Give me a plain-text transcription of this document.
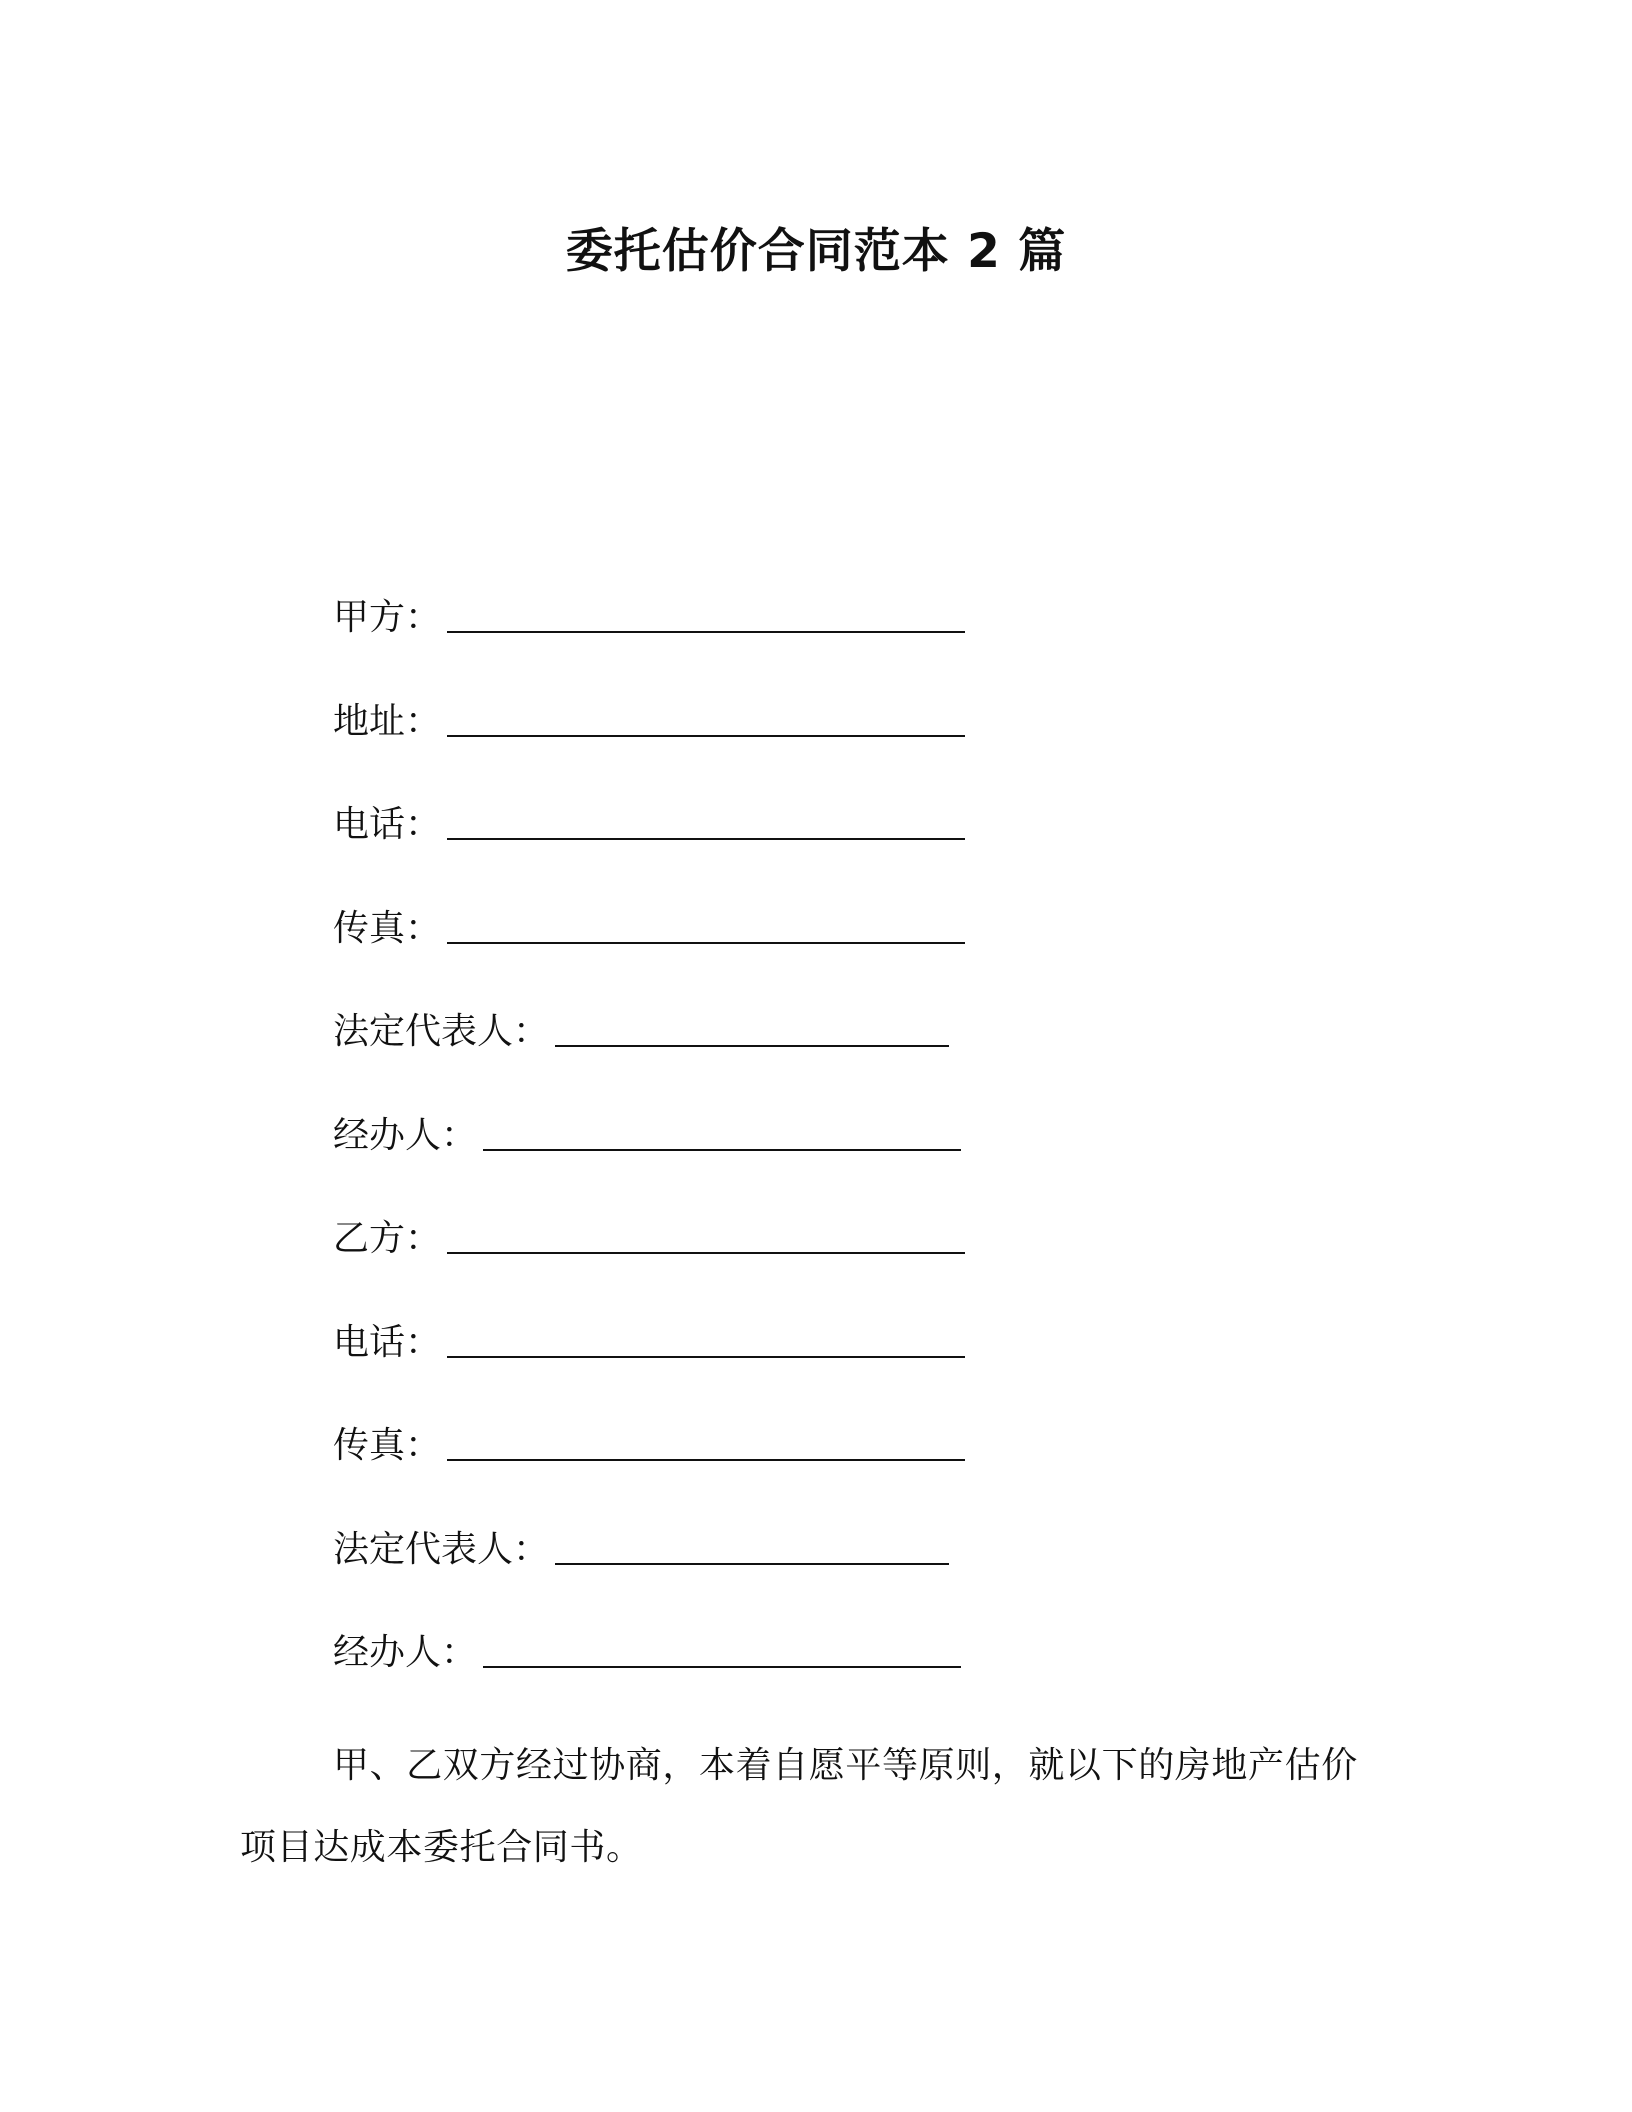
委托估价合同范本 2 篇
甲方：
地址：
电话：
传真：
法定代表人：
经办人：
乙方：
电话：
传真：
法定代表人：
经办人：
甲、乙双方经过协商，本着自愿平等原则，就以下的房地产估价项目达成本委托合同书。
